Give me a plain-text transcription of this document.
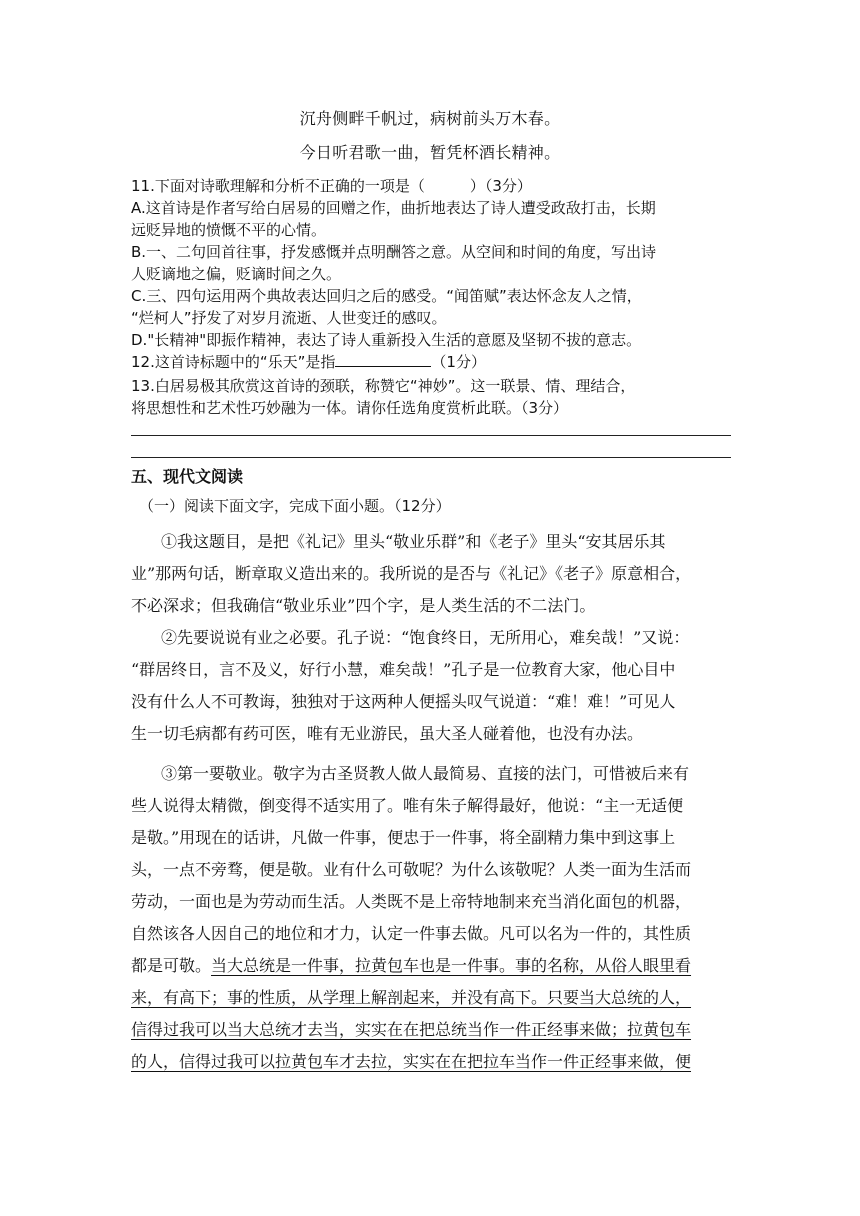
沉舟侧畔千帆过，病树前头万木春。
今日听君歌一曲，暂凭杯酒长精神。
11.下面对诗歌理解和分析不正确的一项是（　　　）（3分）
A.这首诗是作者写给白居易的回赠之作，曲折地表达了诗人遭受政敌打击，长期
远贬异地的愤慨不平的心情。
B.一、二句回首往事，抒发感慨并点明酬答之意。从空间和时间的角度，写出诗
人贬谪地之偏，贬谪时间之久。
C.三、四句运用两个典故表达回归之后的感受。“闻笛赋”表达怀念友人之情，
“烂柯人”抒发了对岁月流逝、人世变迁的感叹。
D."长精神"即振作精神，表达了诗人重新投入生活的意愿及坚韧不拔的意志。
12.这首诗标题中的“乐天”是指	（1分）
13.白居易极其欣赏这首诗的颈联，称赞它“神妙”。这一联景、情、理结合，
将思想性和艺术性巧妙融为一体。请你任选角度赏析此联。（3分）
五、现代文阅读
（一）阅读下面文字，完成下面小题。（12分）
①我这题目，是把《礼记》里头“敬业乐群”和《老子》里头“安其居乐其
业”那两句话，断章取义造出来的。我所说的是否与《礼记》《老子》原意相合，
不必深求；但我确信“敬业乐业”四个字，是人类生活的不二法门。
②先要说说有业之必要。孔子说：“饱食终日，无所用心，难矣哉！”又说：
“群居终日，言不及义，好行小慧，难矣哉！”孔子是一位教育大家，他心目中
没有什么人不可教诲，独独对于这两种人便摇头叹气说道：“难！难！”可见人
生一切毛病都有药可医，唯有无业游民，虽大圣人碰着他，也没有办法。
③第一要敬业。敬字为古圣贤教人做人最简易、直接的法门，可惜被后来有
些人说得太精微，倒变得不适实用了。唯有朱子解得最好，他说：“主一无适便
是敬。”用现在的话讲，凡做一件事，便忠于一件事，将全副精力集中到这事上
头，一点不旁骛，便是敬。业有什么可敬呢？为什么该敬呢？人类一面为生活而
劳动，一面也是为劳动而生活。人类既不是上帝特地制来充当消化面包的机器，
自然该各人因自己的地位和才力，认定一件事去做。凡可以名为一件的，其性质
都是可敬。当大总统是一件事，拉黄包车也是一件事。事的名称，从俗人眼里看
来，有高下；事的性质，从学理上解剖起来，并没有高下。只要当大总统的人，
信得过我可以当大总统才去当，实实在在把总统当作一件正经事来做；拉黄包车
的人，信得过我可以拉黄包车才去拉，实实在在把拉车当作一件正经事来做，便
